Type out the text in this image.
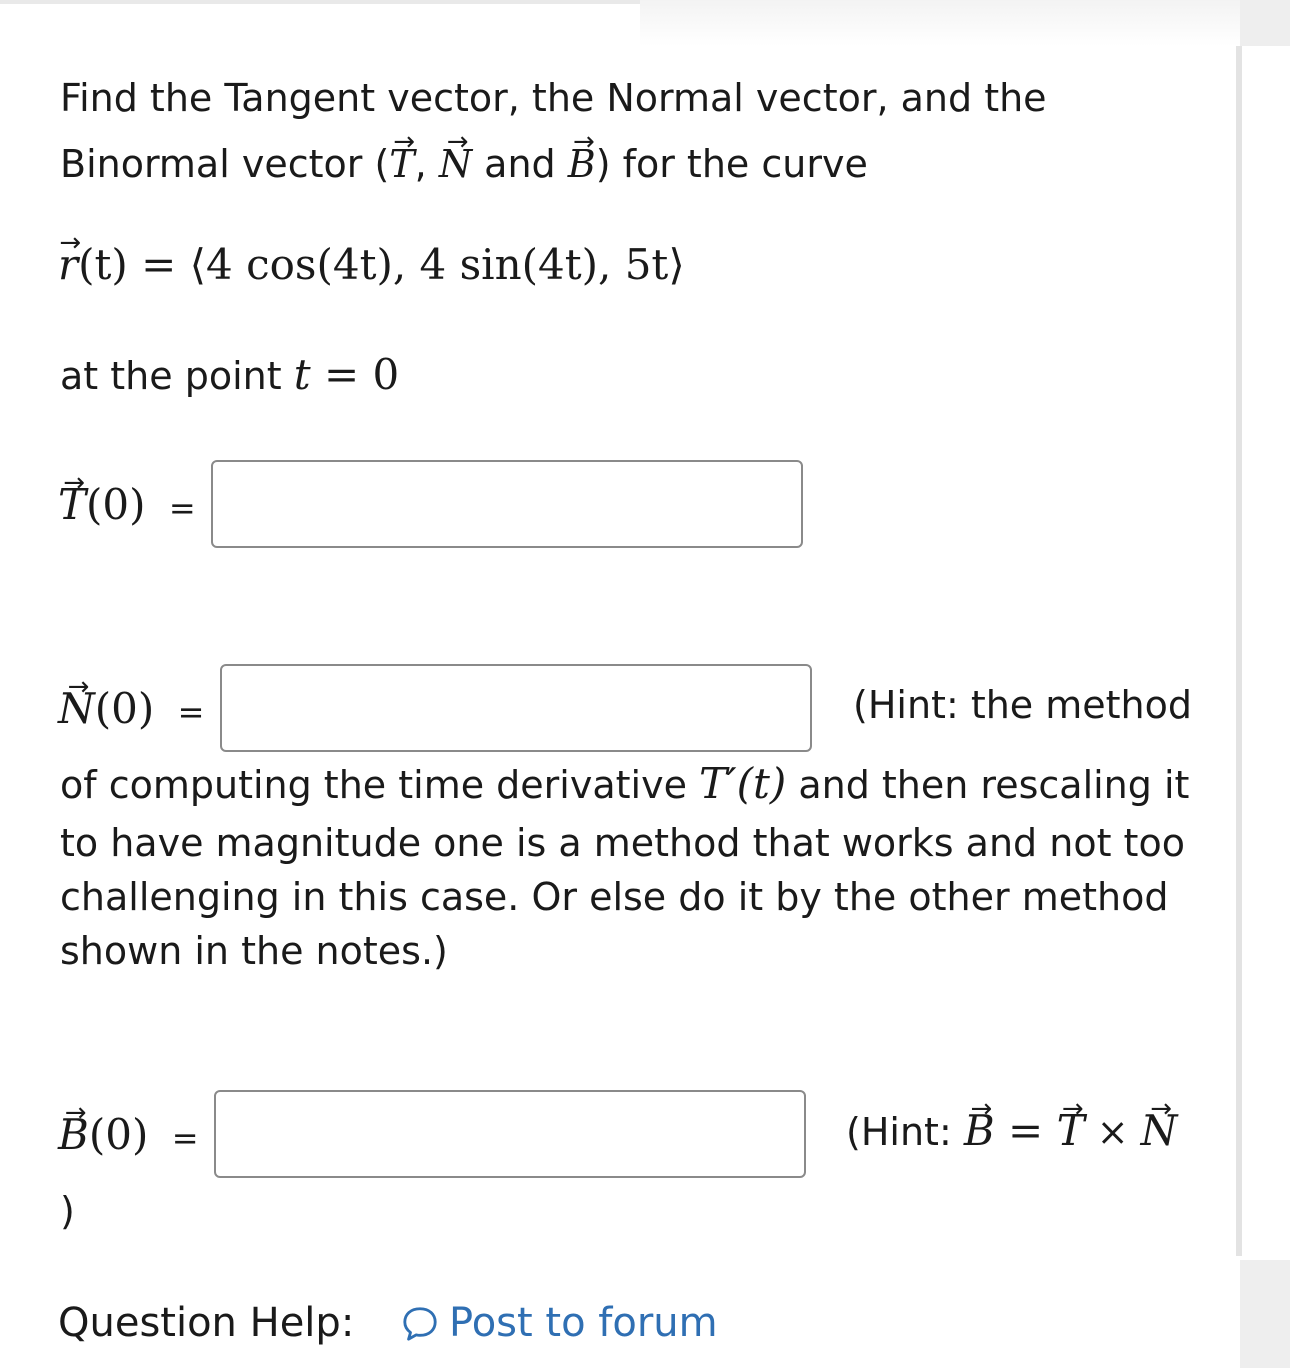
Find the Tangent vector, the Normal vector, and the
Binormal vector (→ T, → N and → B) for the curve
→ r(t) = ⟨4 cos(4t), 4 sin(4t), 5t⟩
at the point t = 0
→ T(0) =
→ N(0) =	(Hint: the method
of computing the time derivative T′(t) and then rescaling it
to have magnitude one is a method that works and not too
challenging in this case. Or else do it by the other method
shown in the notes.)
→ B(0) =	(Hint: → B = → T × → N
)
Question Help: Post to forum
